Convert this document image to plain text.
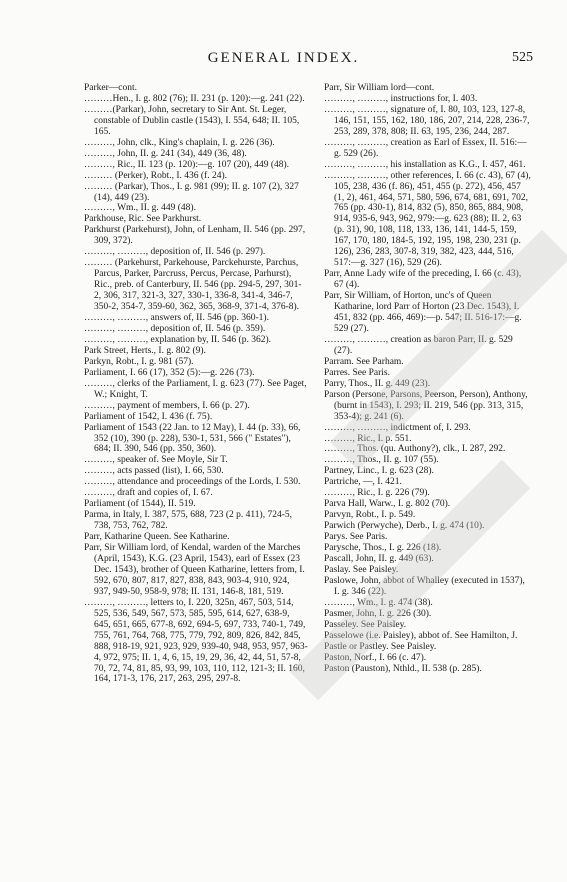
GENERAL INDEX.	525

Parker—cont.

………Hen., I. g. 802 (76); II. 231 (p. 120):—g. 241 (22).

………(Parkar), John, secretary to Sir Ant. St. Leger, constable of Dublin castle (1543), I. 554, 648; II. 105, 165.

………, John, clk., King's chaplain, I. g. 226 (36).

………, John, II. g. 241 (34), 449 (36, 48).

………, Ric., II. 123 (p. 120):—g. 107 (20), 449 (48).

……… (Perker), Robt., I. 436 (f. 24).

……… (Parkar), Thos., I. g. 981 (99); II. g. 107 (2), 327 (14), 449 (23).

………, Wm., II. g. 449 (48).

Parkhouse, Ric. See Parkhurst.

Parkhurst (Parkehurst), John, of Lenham, II. 546 (pp. 297, 309, 372).

………, ………, deposition of, II. 546 (p. 297).

……… (Parkehurst, Parkehouse, Parckehurste, Parchus, Parcus, Parker, Parcruss, Percus, Percase, Parhurst), Ric., preb. of Canterbury, II. 546 (pp. 294-5, 297, 301-2, 306, 317, 321-3, 327, 330-1, 336-8, 341-4, 346-7, 350-2, 354-7, 359-60, 362, 365, 368-9, 371-4, 376-8).

………, ………, answers of, II. 546 (pp. 360-1).

………, ………, deposition of, II. 546 (p. 359).

………, ………, explanation by, II. 546 (p. 362).

Park Street, Herts., I. g. 802 (9).

Parkyn, Robt., I. g. 981 (57).

Parliament, I. 66 (17), 352 (5):—g. 226 (73).

………, clerks of the Parliament, I. g. 623 (77). See Paget, W.; Knight, T.

………, payment of members, I. 66 (p. 27).

Parliament of 1542, I. 436 (f. 75).

Parliament of 1543 (22 Jan. to 12 May), I. 44 (p. 33), 66, 352 (10), 390 (p. 228), 530-1, 531, 566 (" Estates"), 684; II. 390, 546 (pp. 350, 360).

………, speaker of. See Moyle, Sir T.

………, acts passed (list), I. 66, 530.

………, attendance and proceedings of the Lords, I. 530.

………, draft and copies of, I. 67.

Parliament (of 1544), II. 519.

Parma, in Italy, I. 387, 575, 688, 723 (2 p. 411), 724-5, 738, 753, 762, 782.

Parr, Katharine Queen. See Katharine.

Parr, Sir William lord, of Kendal, warden of the Marches (April, 1543), K.G. (23 April, 1543), earl of Essex (23 Dec. 1543), brother of Queen Katharine, letters from, I. 592, 670, 807, 817, 827, 838, 843, 903-4, 910, 924, 937, 949-50, 958-9, 978; II. 131, 146-8, 181, 519.

………, ………, letters to, I. 220, 325n, 467, 503, 514, 525, 536, 549, 567, 573, 585, 595, 614, 627, 638-9, 645, 651, 665, 677-8, 692, 694-5, 697, 733, 740-1, 749, 755, 761, 764, 768, 775, 779, 792, 809, 826, 842, 845, 888, 918-19, 921, 923, 929, 939-40, 948, 953, 957, 963-4, 972, 975; II. 1, 4, 6, 15, 19, 29, 36, 42, 44, 51, 57-8, 70, 72, 74, 81, 85, 93, 99, 103, 110, 112, 121-3; II. 160, 164, 171-3, 176, 217, 263, 295, 297-8.

Parr, Sir William lord—cont.

………, ………, instructions for, I. 403.

………, ………, signature of, I. 80, 103, 123, 127-8, 146, 151, 155, 162, 180, 186, 207, 214, 228, 236-7, 253, 289, 378, 808; II. 63, 195, 236, 244, 287.

………, ………, creation as Earl of Essex, II. 516:—g. 529 (26).

………, ………, his installation as K.G., I. 457, 461.

………, ………, other references, I. 66 (c. 43), 67 (4), 105, 238, 436 (f. 86), 451, 455 (p. 272), 456, 457 (1, 2), 461, 464, 571, 580, 596, 674, 681, 691, 702, 765 (pp. 430-1), 814, 832 (5), 850, 865, 884, 908, 914, 935-6, 943, 962, 979:—g. 623 (88); II. 2, 63 (p. 31), 90, 108, 118, 133, 136, 141, 144-5, 159, 167, 170, 180, 184-5, 192, 195, 198, 230, 231 (p. 126), 236, 283, 307-8, 319, 382, 423, 444, 516, 517:—g. 327 (16), 529 (26).

Parr, Anne Lady wife of the preceding, I. 66 (c. 43), 67 (4).

Parr, Sir William, of Horton, unc's of Queen Katharine, lord Parr of Horton (23 Dec. 1543), I. 451, 832 (pp. 466, 469):—p. 547; II. 516-17:—g. 529 (27).

………, ………, creation as baron Parr, II. g. 529 (27).

Parram. See Parham.

Parres. See Paris.

Parry, Thos., II. g. 449 (23).

Parson (Persone, Parsons, Peerson, Person), Anthony, (burnt in 1543), I. 293; II. 219, 546 (pp. 313, 315, 353-4); g. 241 (6).

………, ………, indictment of, I. 293.

………, Ric., I. p. 551.

………, Thos. (qu. Authony?), clk., I. 287, 292.

………, Thos., II. g. 107 (55).

Partney, Linc., I. g. 623 (28).

Partriche, —, I. 421.

………, Ric., I. g. 226 (79).

Parva Hall, Warw., I. g. 802 (70).

Parvyn, Robt., I. p. 549.

Parwich (Perwyche), Derb., I. g. 474 (10).

Parys. See Paris.

Parysche, Thos., I. g. 226 (18).

Pascall, John, II. g. 449 (63).

Paslay. See Paisley.

Paslowe, John, abbot of Whalley (executed in 1537), I. g. 346 (22).

………, Wm., I. g. 474 (38).

Pasmer, John, I. g. 226 (30).

Passeley. See Paisley.

Passelowe (i.e. Paisley), abbot of. See Hamilton, J.

Pastle or Pastley. See Paisley.

Paston, Norf., I. 66 (c. 47).

Paston (Pauston), Nthld., II. 538 (p. 285).
